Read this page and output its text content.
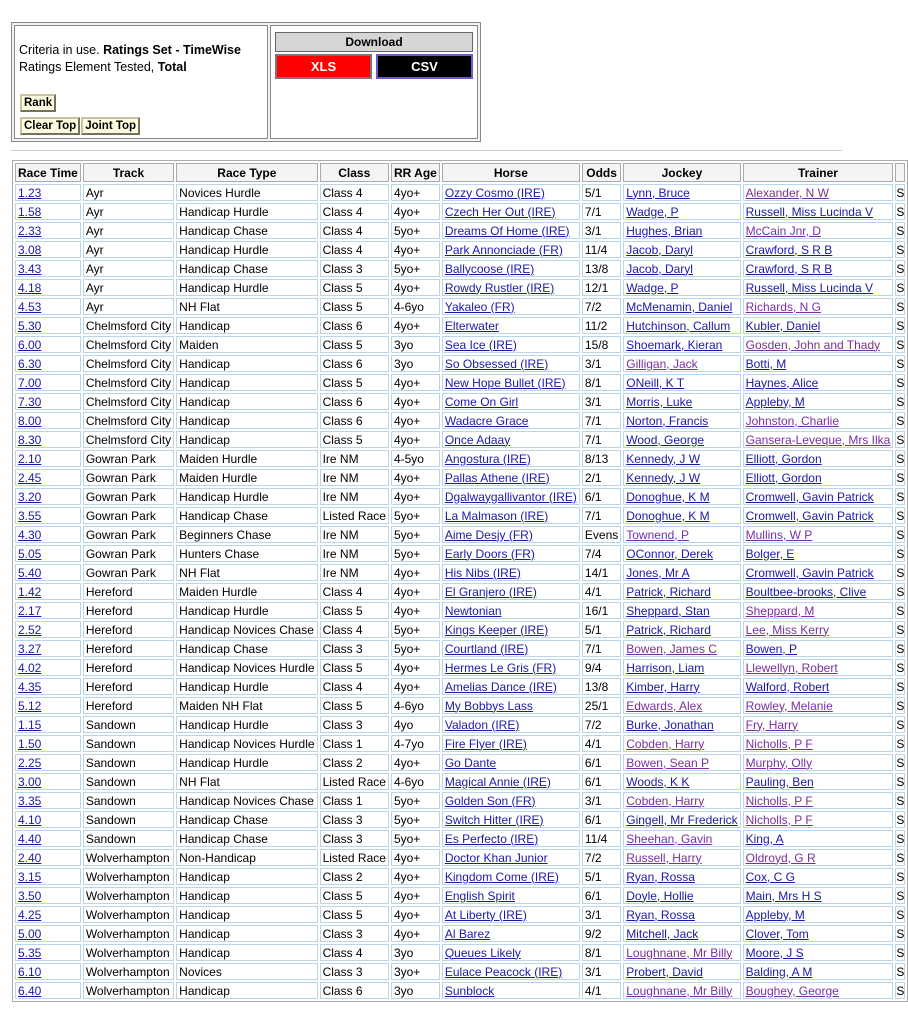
Criteria in use. Ratings Set - TimeWise
Ratings Element Tested, Total
Rank
Clear Top Joint Top
Download
XLS	CSV
Race Time	Track	Race Type	Class	RR Age	Horse	Odds	Jockey	Trainer	
1.23	Ayr	Novices Hurdle	Class 4	4yo+	Ozzy Cosmo (IRE)	5/1	Lynn, Bruce	Alexander, N W	S
1.58	Ayr	Handicap Hurdle	Class 4	4yo+	Czech Her Out (IRE)	7/1	Wadge, P	Russell, Miss Lucinda V	S
2.33	Ayr	Handicap Chase	Class 4	5yo+	Dreams Of Home (IRE)	3/1	Hughes, Brian	McCain Jnr, D	S
3.08	Ayr	Handicap Hurdle	Class 4	4yo+	Park Annonciade (FR)	11/4	Jacob, Daryl	Crawford, S R B	S
3.43	Ayr	Handicap Chase	Class 3	5yo+	Ballycoose (IRE)	13/8	Jacob, Daryl	Crawford, S R B	S
4.18	Ayr	Handicap Hurdle	Class 5	4yo+	Rowdy Rustler (IRE)	12/1	Wadge, P	Russell, Miss Lucinda V	S
4.53	Ayr	NH Flat	Class 5	4-6yo	Yakaleo (FR)	7/2	McMenamin, Daniel	Richards, N G	S
5.30	Chelmsford City	Handicap	Class 6	4yo+	Elterwater	11/2	Hutchinson, Callum	Kubler, Daniel	S
6.00	Chelmsford City	Maiden	Class 5	3yo	Sea Ice (IRE)	15/8	Shoemark, Kieran	Gosden, John and Thady	S
6.30	Chelmsford City	Handicap	Class 6	3yo	So Obsessed (IRE)	3/1	Gilligan, Jack	Botti, M	S
7.00	Chelmsford City	Handicap	Class 5	4yo+	New Hope Bullet (IRE)	8/1	ONeill, K T	Haynes, Alice	S
7.30	Chelmsford City	Handicap	Class 6	4yo+	Come On Girl	3/1	Morris, Luke	Appleby, M	S
8.00	Chelmsford City	Handicap	Class 6	4yo+	Wadacre Grace	7/1	Norton, Francis	Johnston, Charlie	S
8.30	Chelmsford City	Handicap	Class 5	4yo+	Once Adaay	7/1	Wood, George	Gansera-Leveque, Mrs Ilka	S
2.10	Gowran Park	Maiden Hurdle	Ire NM	4-5yo	Angostura (IRE)	8/13	Kennedy, J W	Elliott, Gordon	S
2.45	Gowran Park	Maiden Hurdle	Ire NM	4yo+	Pallas Athene (IRE)	2/1	Kennedy, J W	Elliott, Gordon	S
3.20	Gowran Park	Handicap Hurdle	Ire NM	4yo+	Dgalwaygallivantor (IRE)	6/1	Donoghue, K M	Cromwell, Gavin Patrick	S
3.55	Gowran Park	Handicap Chase	Listed Race	5yo+	La Malmason (IRE)	7/1	Donoghue, K M	Cromwell, Gavin Patrick	S
4.30	Gowran Park	Beginners Chase	Ire NM	5yo+	Aime Desjy (FR)	Evens	Townend, P	Mullins, W P	S
5.05	Gowran Park	Hunters Chase	Ire NM	5yo+	Early Doors (FR)	7/4	OConnor, Derek	Bolger, E	S
5.40	Gowran Park	NH Flat	Ire NM	4yo+	His Nibs (IRE)	14/1	Jones, Mr A	Cromwell, Gavin Patrick	S
1.42	Hereford	Maiden Hurdle	Class 4	4yo+	El Granjero (IRE)	4/1	Patrick, Richard	Boultbee-brooks, Clive	S
2.17	Hereford	Handicap Hurdle	Class 5	4yo+	Newtonian	16/1	Sheppard, Stan	Sheppard, M	S
2.52	Hereford	Handicap Novices Chase	Class 4	5yo+	Kings Keeper (IRE)	5/1	Patrick, Richard	Lee, Miss Kerry	S
3.27	Hereford	Handicap Chase	Class 3	5yo+	Courtland (IRE)	7/1	Bowen, James C	Bowen, P	S
4.02	Hereford	Handicap Novices Hurdle	Class 5	4yo+	Hermes Le Gris (FR)	9/4	Harrison, Liam	Llewellyn, Robert	S
4.35	Hereford	Handicap Hurdle	Class 4	4yo+	Amelias Dance (IRE)	13/8	Kimber, Harry	Walford, Robert	S
5.12	Hereford	Maiden NH Flat	Class 5	4-6yo	My Bobbys Lass	25/1	Edwards, Alex	Rowley, Melanie	S
1.15	Sandown	Handicap Hurdle	Class 3	4yo	Valadon (IRE)	7/2	Burke, Jonathan	Fry, Harry	S
1.50	Sandown	Handicap Novices Hurdle	Class 1	4-7yo	Fire Flyer (IRE)	4/1	Cobden, Harry	Nicholls, P F	S
2.25	Sandown	Handicap Hurdle	Class 2	4yo+	Go Dante	6/1	Bowen, Sean P	Murphy, Olly	S
3.00	Sandown	NH Flat	Listed Race	4-6yo	Magical Annie (IRE)	6/1	Woods, K K	Pauling, Ben	S
3.35	Sandown	Handicap Novices Chase	Class 1	5yo+	Golden Son (FR)	3/1	Cobden, Harry	Nicholls, P F	S
4.10	Sandown	Handicap Chase	Class 3	5yo+	Switch Hitter (IRE)	6/1	Gingell, Mr Frederick	Nicholls, P F	S
4.40	Sandown	Handicap Chase	Class 3	5yo+	Es Perfecto (IRE)	11/4	Sheehan, Gavin	King, A	S
2.40	Wolverhampton	Non-Handicap	Listed Race	4yo+	Doctor Khan Junior	7/2	Russell, Harry	Oldroyd, G R	S
3.15	Wolverhampton	Handicap	Class 2	4yo+	Kingdom Come (IRE)	5/1	Ryan, Rossa	Cox, C G	S
3.50	Wolverhampton	Handicap	Class 5	4yo+	English Spirit	6/1	Doyle, Hollie	Main, Mrs H S	S
4.25	Wolverhampton	Handicap	Class 5	4yo+	At Liberty (IRE)	3/1	Ryan, Rossa	Appleby, M	S
5.00	Wolverhampton	Handicap	Class 3	4yo+	Al Barez	9/2	Mitchell, Jack	Clover, Tom	S
5.35	Wolverhampton	Handicap	Class 4	3yo	Queues Likely	8/1	Loughnane, Mr Billy	Moore, J S	S
6.10	Wolverhampton	Novices	Class 3	3yo+	Eulace Peacock (IRE)	3/1	Probert, David	Balding, A M	S
6.40	Wolverhampton	Handicap	Class 6	3yo	Sunblock	4/1	Loughnane, Mr Billy	Boughey, George	S
